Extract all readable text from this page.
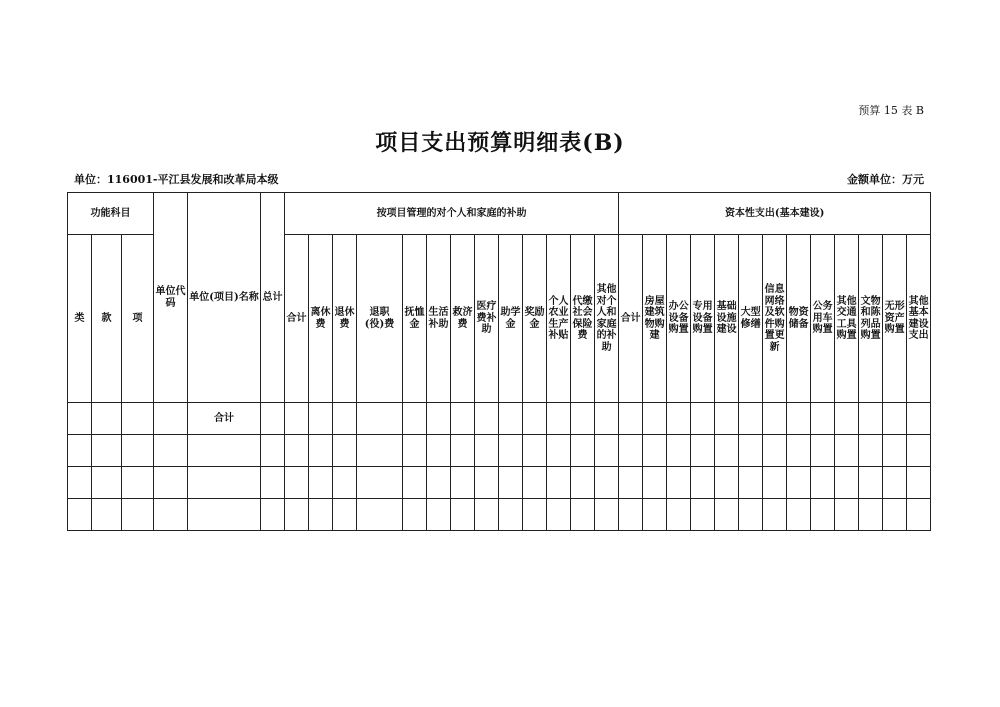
预算 15 表 B
项目支出预算明细表(B)
单位：116001-平江县发展和改革局本级	金额单位：万元
功能科目			单位代码	单位(项目)名称	总计	按项目管理的对个人和家庭的补助													资本性支出(基本建设)												
类	款	项				合计	离休费	退休费	退职(役)费	抚恤金	生活补助	救济费	医疗费补助	助学金	奖励金	个人农业生产补贴	代缴社会保险费	其他对个人和家庭的补助	合计	房屋建筑物购建	办公设备购置	专用设备购置	基础设施建设	大型修缮	信息网络及软件购置更新	物资储备	公务用车购置	其他交通工具购置	文物和陈列品购置	无形资产购置	其他基本建设支出
				合计																											
